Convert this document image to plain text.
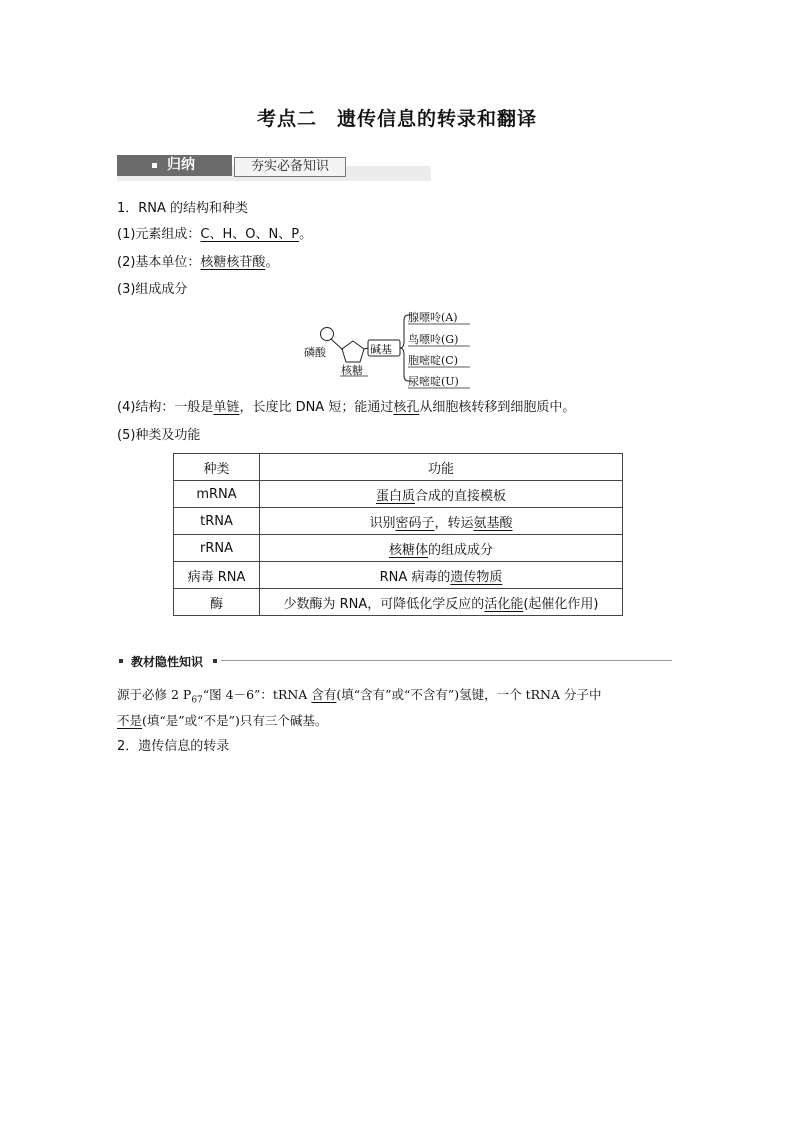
考点二　遗传信息的转录和翻译
归纳	夯实必备知识
1．RNA 的结构和种类
(1)元素组成：C、H、O、N、P。
(2)基本单位：核糖核苷酸。
(3)组成成分
磷酸	碱基
核糖
腺嘌呤(A)
鸟嘌呤(G)
胞嘧啶(C)
尿嘧啶(U)
(4)结构：一般是单链，长度比 DNA 短；能通过核孔从细胞核转移到细胞质中。
(5)种类及功能
种类	功能
mRNA	蛋白质合成的直接模板
tRNA	识别密码子，转运氨基酸
rRNA	核糖体的组成成分
病毒 RNA	RNA 病毒的遗传物质
酶	少数酶为 RNA，可降低化学反应的活化能(起催化作用)
教材隐性知识
源于必修 2 $P_{67}“$图 4－6”：tRNA 含有(填“含有”或“不含有”)氢键，一个 tRNA 分子中
不是(填“是”或“不是”)只有三个碱基。
2．遗传信息的转录
